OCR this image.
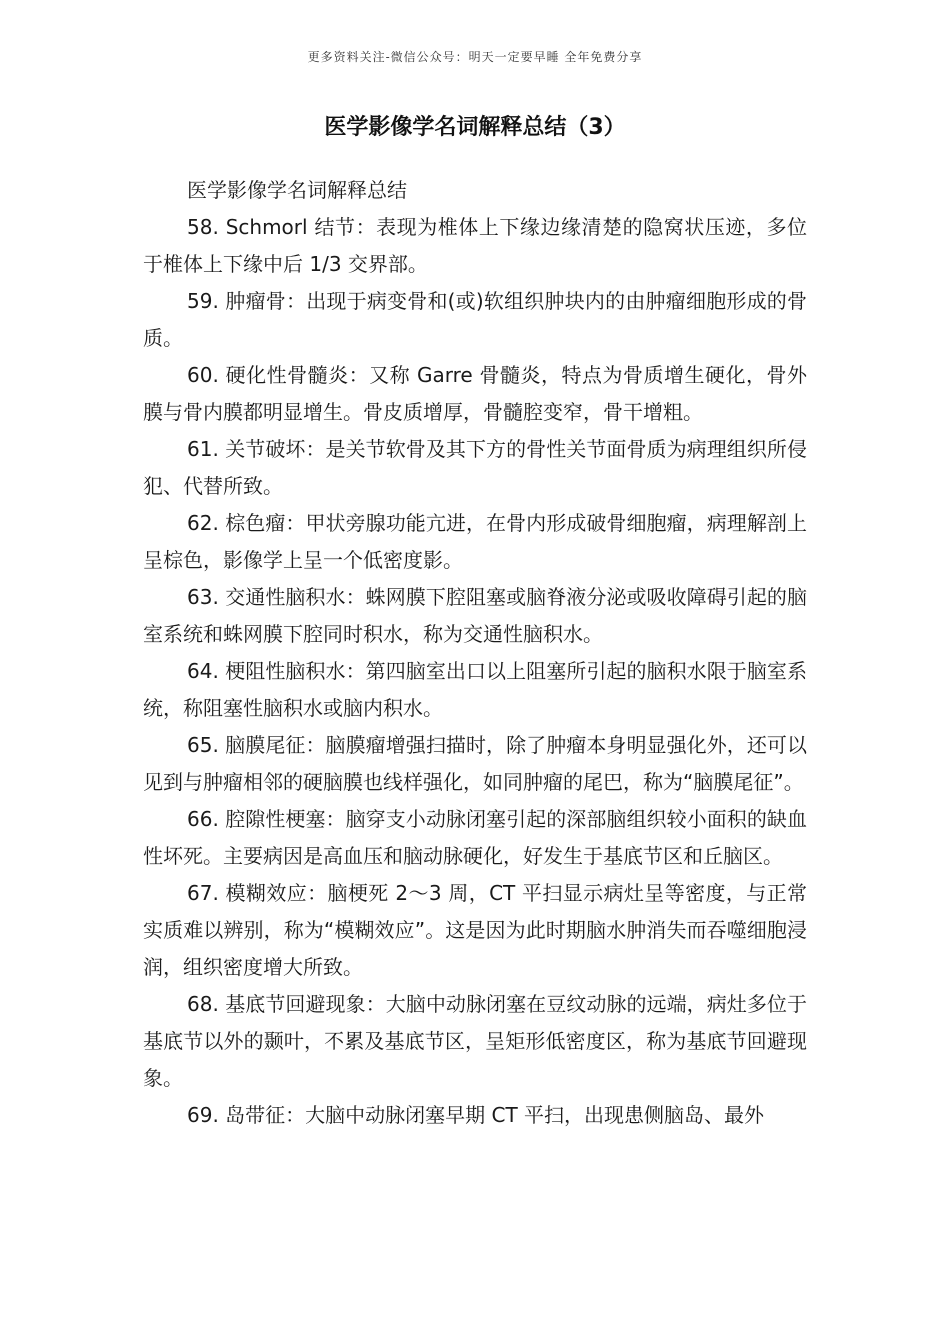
更多资料关注-微信公众号：明天一定要早睡 全年免费分享
医学影像学名词解释总结（3）

医学影像学名词解释总结

58. Schmorl 结节：表现为椎体上下缘边缘清楚的隐窝状压迹，多位于椎体上下缘中后 1/3 交界部。

59. 肿瘤骨：出现于病变骨和(或)软组织肿块内的由肿瘤细胞形成的骨质。

60. 硬化性骨髓炎：又称 Garre 骨髓炎，特点为骨质增生硬化，骨外膜与骨内膜都明显增生。骨皮质增厚，骨髓腔变窄，骨干增粗。

61. 关节破坏：是关节软骨及其下方的骨性关节面骨质为病理组织所侵犯、代替所致。

62. 棕色瘤：甲状旁腺功能亢进，在骨内形成破骨细胞瘤，病理解剖上呈棕色，影像学上呈一个低密度影。

63. 交通性脑积水：蛛网膜下腔阻塞或脑脊液分泌或吸收障碍引起的脑室系统和蛛网膜下腔同时积水，称为交通性脑积水。

64. 梗阻性脑积水：第四脑室出口以上阻塞所引起的脑积水限于脑室系统，称阻塞性脑积水或脑内积水。

65. 脑膜尾征：脑膜瘤增强扫描时，除了肿瘤本身明显强化外，还可以见到与肿瘤相邻的硬脑膜也线样强化，如同肿瘤的尾巴，称为“脑膜尾征”。

66. 腔隙性梗塞：脑穿支小动脉闭塞引起的深部脑组织较小面积的缺血性坏死。主要病因是高血压和脑动脉硬化，好发生于基底节区和丘脑区。

67. 模糊效应：脑梗死 2～3 周，CT 平扫显示病灶呈等密度，与正常实质难以辨别，称为“模糊效应”。这是因为此时期脑水肿消失而吞噬细胞浸润，组织密度增大所致。

68. 基底节回避现象：大脑中动脉闭塞在豆纹动脉的远端，病灶多位于基底节以外的颞叶，不累及基底节区，呈矩形低密度区，称为基底节回避现象。

69. 岛带征：大脑中动脉闭塞早期 CT 平扫，出现患侧脑岛、最外
